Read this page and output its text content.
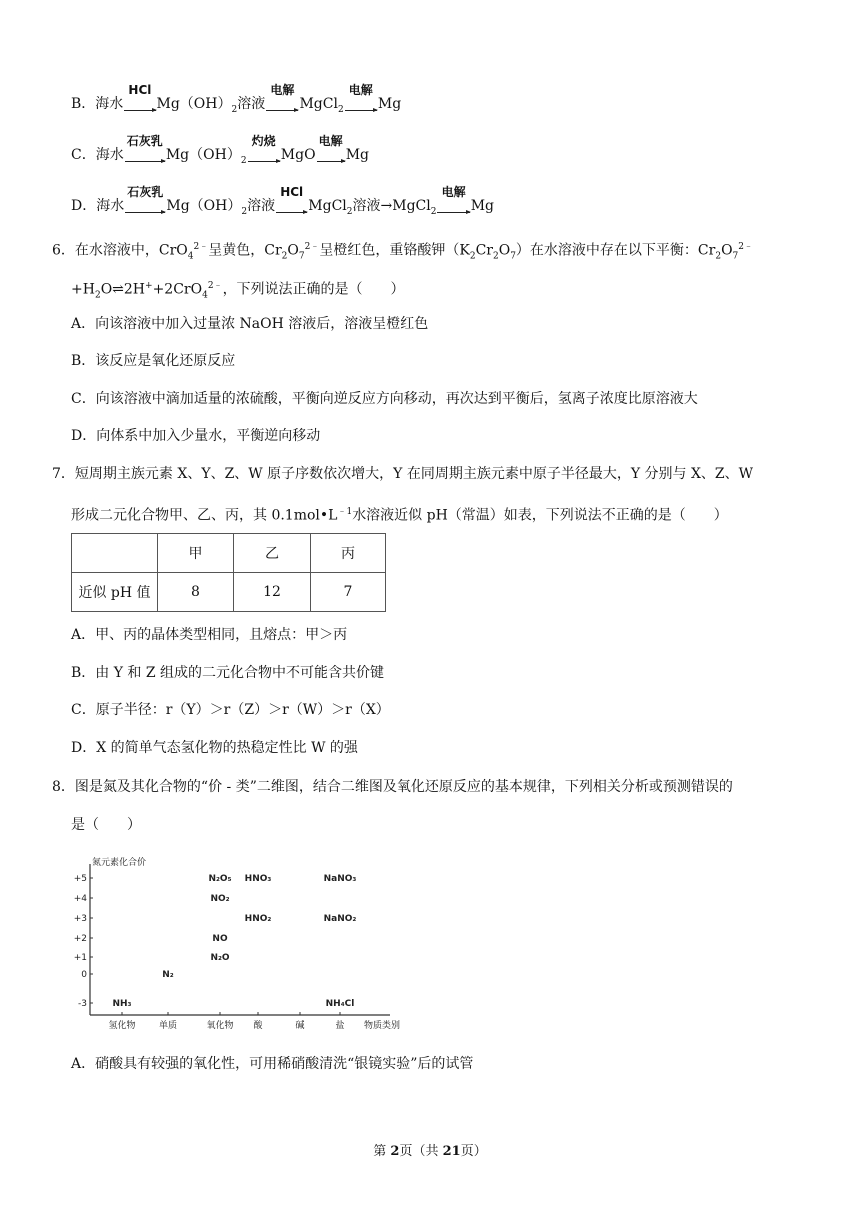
B．海水
HCl
$Mg(OH)_2$溶液
电解
MgCl$_2$
电解
Mg
C．海水
石灰乳
$Mg(OH)_2$
灼烧
MgO
电解
Mg
D．海水
石灰乳
$Mg(OH)_2$溶液
HCl
MgCl$_2$溶液→MgCl$_2$
电解
Mg
6．在水溶液中，CrO$_4^{2﹣}$呈黄色，$Cr_2O_7^{2﹣}$呈橙红色，重铬酸钾$(K_2Cr_2O_7)$在水溶液中存在以下平衡：$Cr_2O_7^{2﹣}$
$+H_2O\rightleftharpoons 2H^++2CrO_4^{2﹣}$，下列说法正确的是（　　）
A．向该溶液中加入过量浓 NaOH 溶液后，溶液呈橙红色
B．该反应是氧化还原反应
C．向该溶液中滴加适量的浓硫酸，平衡向逆反应方向移动，再次达到平衡后，氢离子浓度比原溶液大
D．向体系中加入少量水，平衡逆向移动
7．短周期主族元素 X、Y、Z、W 原子序数依次增大，Y 在同周期主族元素中原子半径最大，Y 分别与 X、Z、W
形成二元化合物甲、乙、丙，其 $0.1mol•L^{﹣1}$水溶液近似 pH（常温）如表，下列说法不正确的是（　　）
	甲	乙	丙
近似 pH 值	8	12	7
A．甲、丙的晶体类型相同，且熔点：甲＞丙
B．由 Y 和 Z 组成的二元化合物中不可能含共价键
C．原子半径：r（Y）＞r（Z）＞r（W）＞r（X）
D．X 的简单气态氢化物的热稳定性比 W 的强
8．图是氮及其化合物的“价 - 类”二维图，结合二维图及氧化还原反应的基本规律，下列相关分析或预测错误的
是（　　）
氮元素化合价
+5
+4
+3
+2
+1
0
-3
氢化物	单质	氧化物 酸	碱	盐 物质类别
NH₃
N₂
N₂O₅
NO₂
NO
N₂O
HNO₃
HNO₂
NaNO₃
NaNO₂
NH₄Cl
A．硝酸具有较强的氧化性，可用稀硝酸清洗“银镜实验”后的试管
第 2页（共 21页）
